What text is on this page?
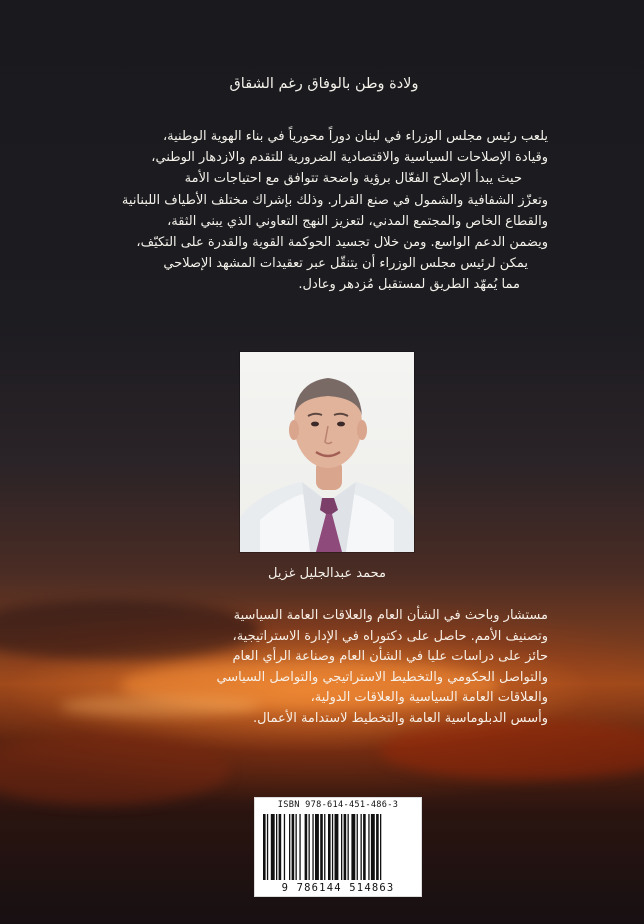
ولادة وطن بالوفاق رغم الشقاق
يلعب رئيس مجلس الوزراء في لبنان دوراً محورياً في بناء الهوية الوطنية،
وقيادة الإصلاحات السياسية والاقتصادية الضرورية للتقدم والازدهار الوطني،
حيث يبدأ الإصلاح الفعّال برؤية واضحة تتوافق مع احتياجات الأمة
وتعزّز الشفافية والشمول في صنع القرار. وذلك بإشراك مختلف الأطياف اللبنانية
والقطاع الخاص والمجتمع المدني، لتعزيز النهج التعاوني الذي يبني الثقة،
ويضمن الدعم الواسع. ومن خلال تجسيد الحوكمة القوية والقدرة على التكيّف،
يمكن لرئيس مجلس الوزراء أن يتنقّل عبر تعقيدات المشهد الإصلاحي
مما يُمهّد الطريق لمستقبل مُزدهر وعادل.
محمد عبدالجليل غزيل
مستشار وباحث في الشأن العام والعلاقات العامة السياسية
وتصنيف الأمم. حاصل على دكتوراه في الإدارة الاستراتيجية،
حائز على دراسات عليا في الشأن العام وصناعة الرأي العام
والتواصل الحكومي والتخطيط الاستراتيجي والتواصل السياسي
والعلاقات العامة السياسية والعلاقات الدولية،
وأسس الدبلوماسية العامة والتخطيط لاستدامة الأعمال.
ISBN 978-614-451-486-3
9 786144 514863
